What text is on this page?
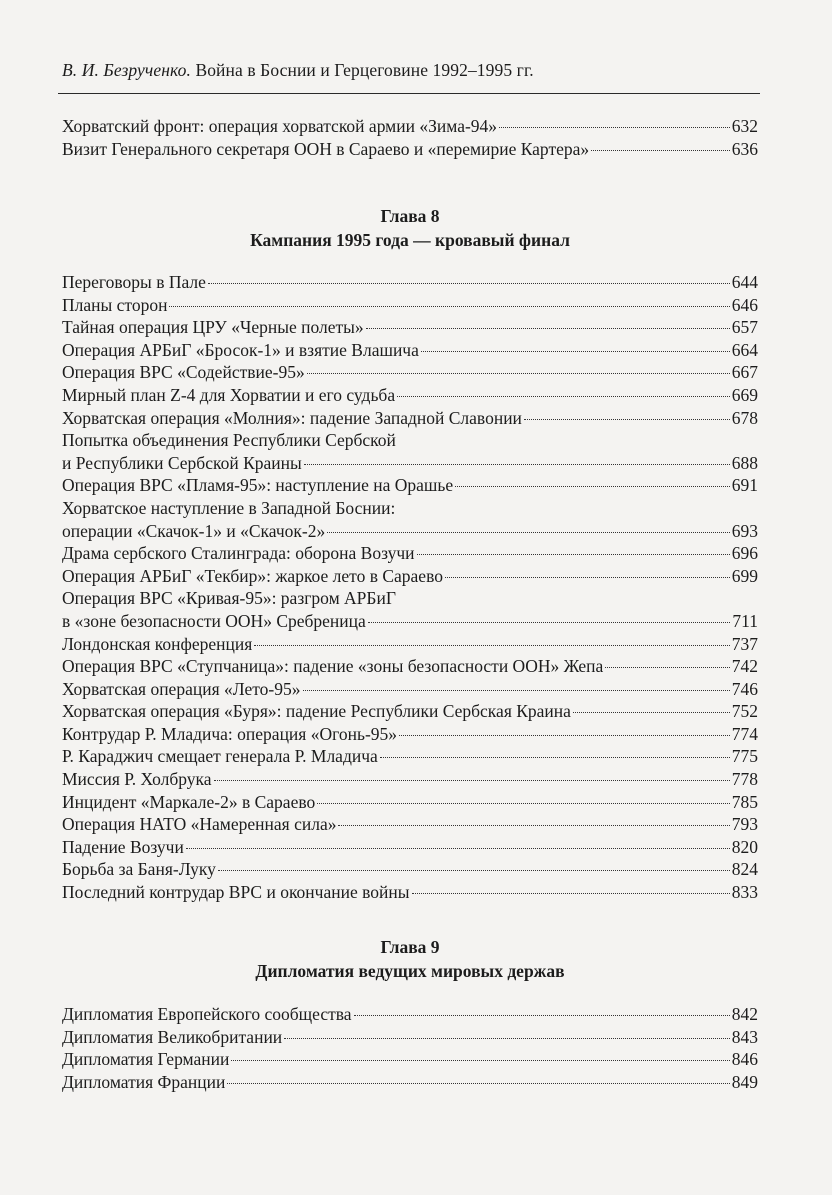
В. И. Безрученко. Война в Боснии и Герцеговине 1992–1995 гг.
Хорватский фронт: операция хорватской армии «Зима-94»	632
Визит Генерального секретаря ООН в Сараево и «перемирие Картера»	636
Глава 8
Кампания 1995 года — кровавый финал
Переговоры в Пале	644
Планы сторон	646
Тайная операция ЦРУ «Черные полеты»	657
Операция АРБиГ «Бросок-1» и взятие Влашича	664
Операция ВРС «Содействие-95»	667
Мирный план Z-4 для Хорватии и его судьба	669
Хорватская операция «Молния»: падение Западной Славонии	678
Попытка объединения Республики Сербской
и Республики Сербской Краины	688
Операция ВРС «Пламя-95»: наступление на Орашье	691
Хорватское наступление в Западной Боснии:
операции «Скачок-1» и «Скачок-2»	693
Драма сербского Сталинграда: оборона Возучи	696
Операция АРБиГ «Текбир»: жаркое лето в Сараево	699
Операция ВРС «Кривая-95»: разгром АРБиГ
в «зоне безопасности ООН» Сребреница	711
Лондонская конференция	737
Операция ВРС «Ступчаница»: падение «зоны безопасности ООН» Жепа	742
Хорватская операция «Лето-95»	746
Хорватская операция «Буря»: падение Республики Сербская Краина	752
Контрудар Р. Младича: операция «Огонь-95»	774
Р. Караджич смещает генерала Р. Младича	775
Миссия Р. Холбрука	778
Инцидент «Маркале-2» в Сараево	785
Операция НАТО «Намеренная сила»	793
Падение Возучи	820
Борьба за Баня-Луку	824
Последний контрудар ВРС и окончание войны	833
Глава 9
Дипломатия ведущих мировых держав
Дипломатия Европейского сообщества	842
Дипломатия Великобритании	843
Дипломатия Германии	846
Дипломатия Франции	849
